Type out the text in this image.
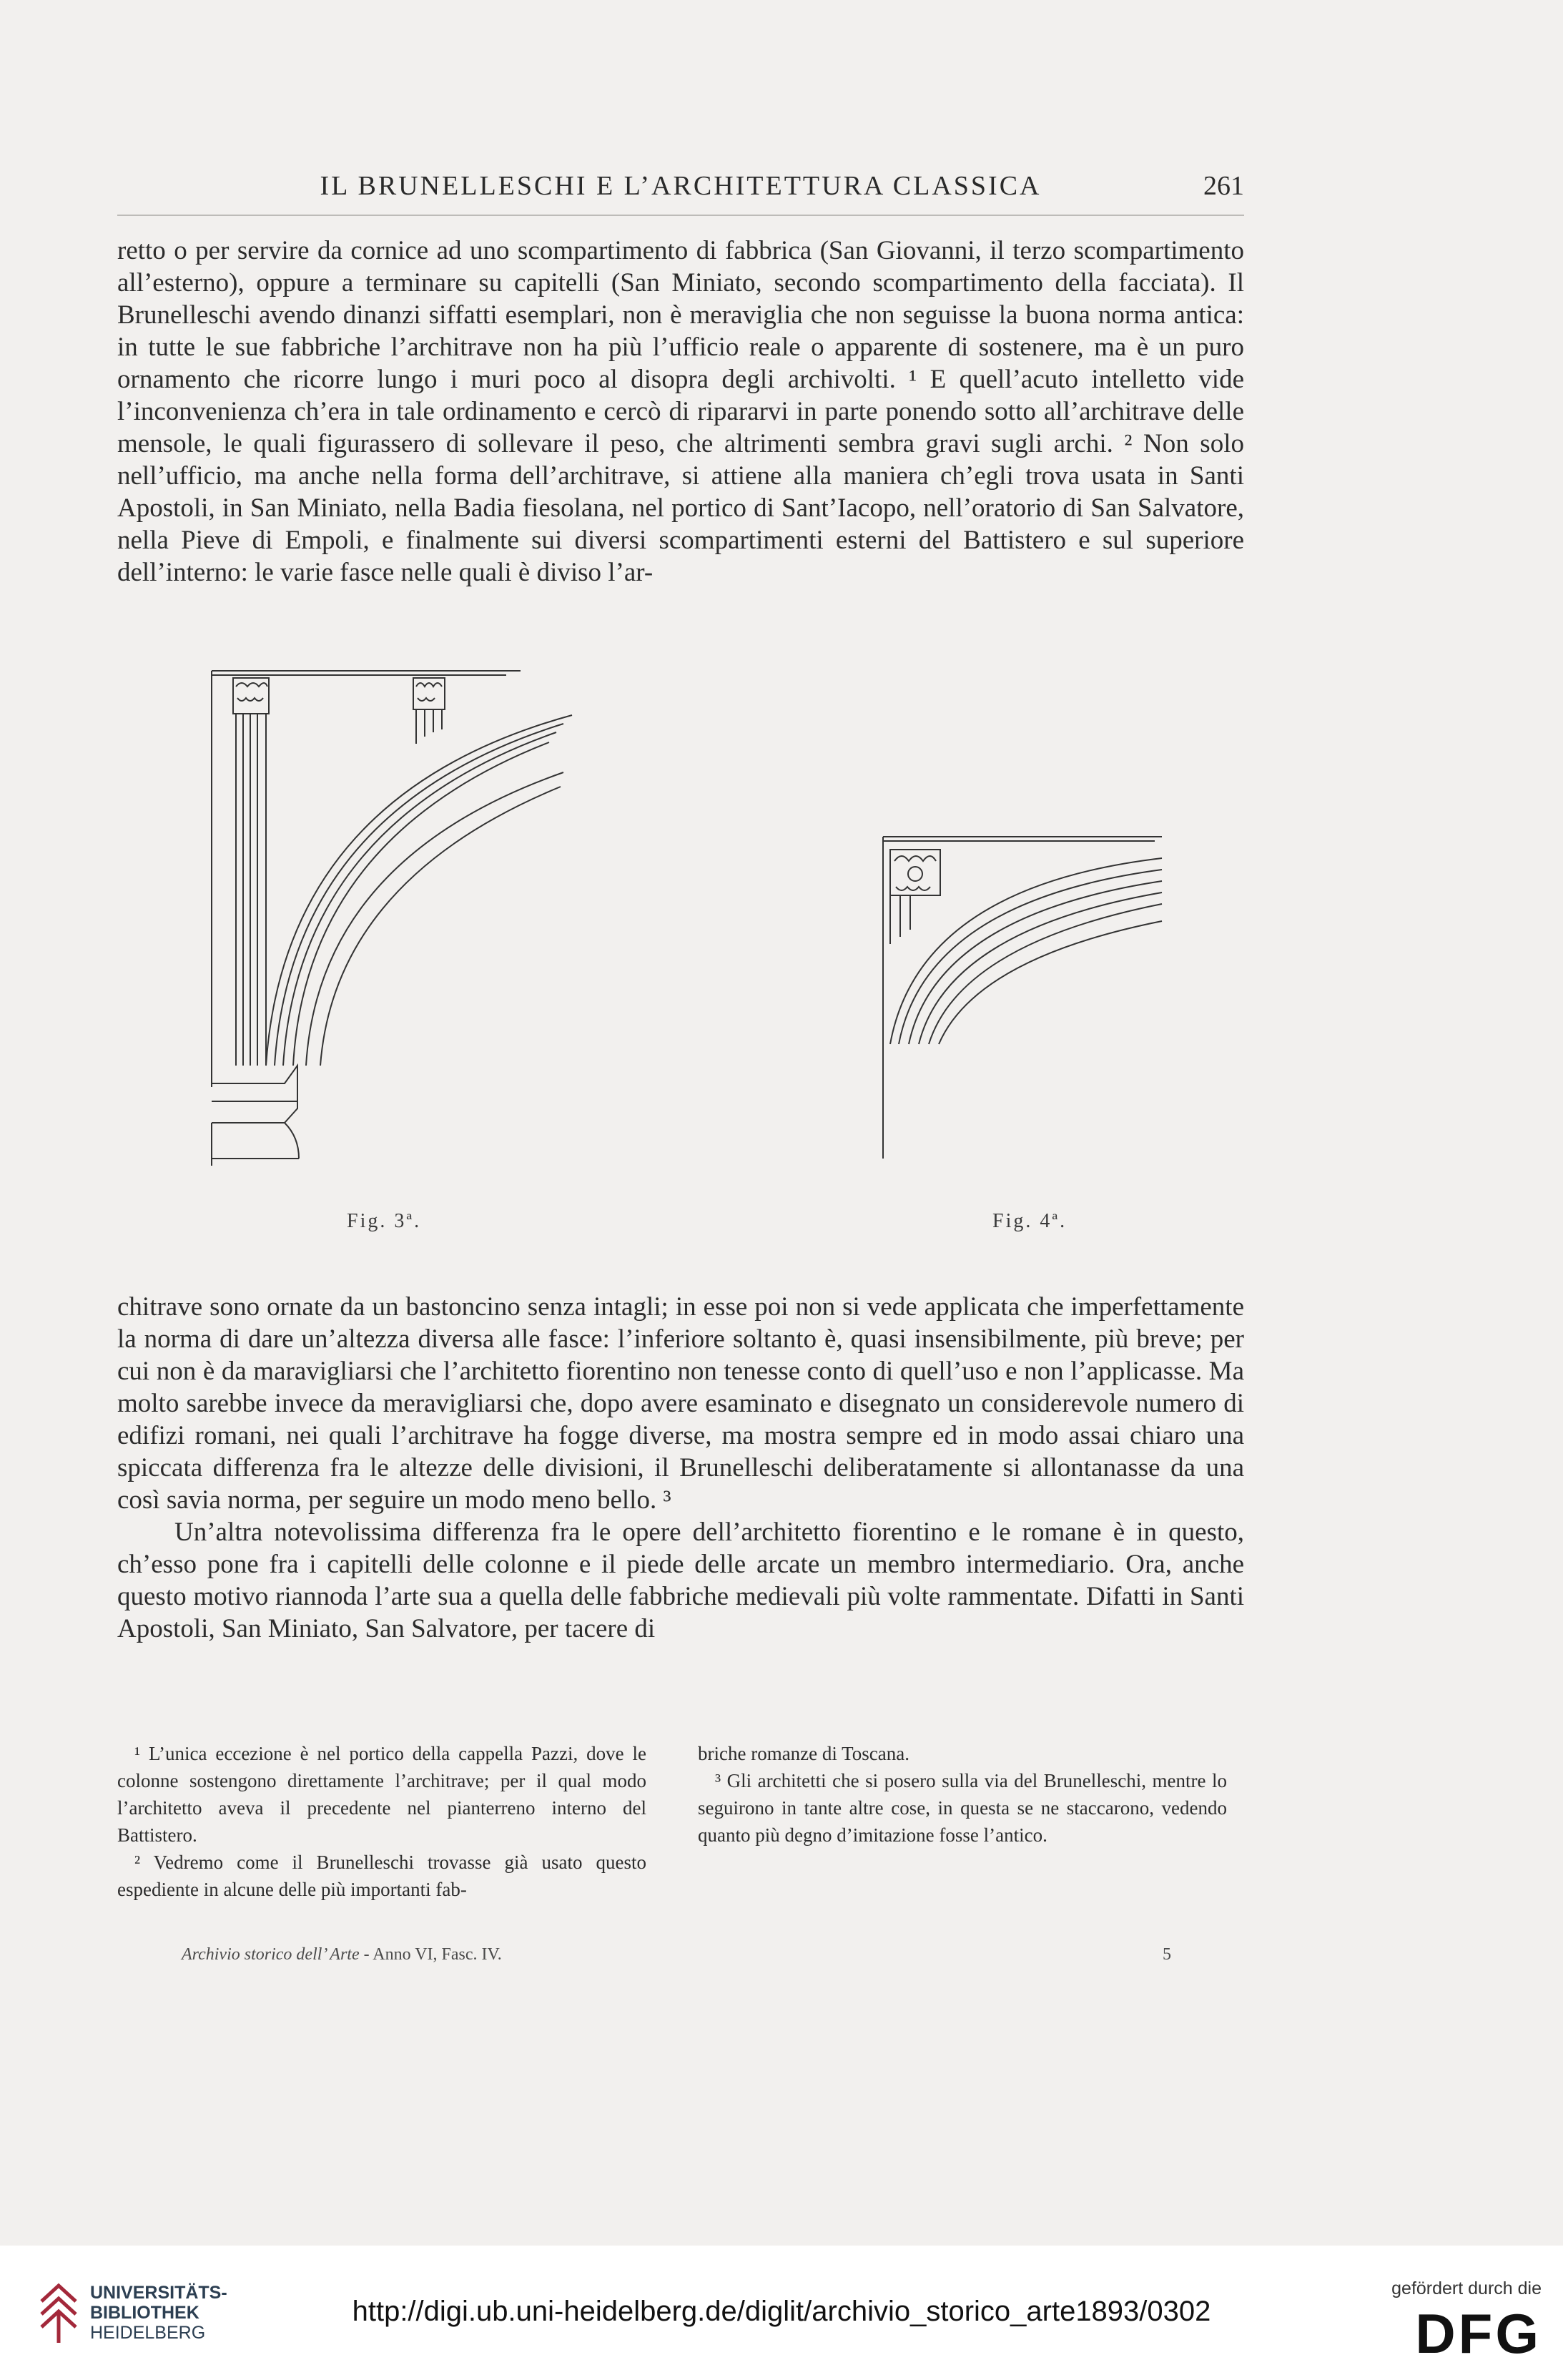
IL BRUNELLESCHI E L’ARCHITETTURA CLASSICA	261

retto o per servire da cornice ad uno scompartimento di fabbrica (San Giovanni, il terzo scompartimento all’esterno), oppure a terminare su capitelli (San Miniato, secondo scompartimento della facciata). Il Brunelleschi avendo dinanzi siffatti esemplari, non è meraviglia che non seguisse la buona norma antica: in tutte le sue fabbriche l’architrave non ha più l’ufficio reale o apparente di sostenere, ma è un puro ornamento che ricorre lungo i muri poco al disopra degli archivolti. ¹ E quell’acuto intelletto vide l’inconvenienza ch’era in tale ordinamento e cercò di ripararvi in parte ponendo sotto all’architrave delle mensole, le quali figurassero di sollevare il peso, che altrimenti sembra gravi sugli archi. ² Non solo nell’ufficio, ma anche nella forma dell’architrave, si attiene alla maniera ch’egli trova usata in Santi Apostoli, in San Miniato, nella Badia fiesolana, nel portico di Sant’Iacopo, nell’oratorio di San Salvatore, nella Pieve di Empoli, e finalmente sui diversi scompartimenti esterni del Battistero e sul superiore dell’interno: le varie fasce nelle quali è diviso l’ar-

Fig. 3ª.	Fig. 4ª.

chitrave sono ornate da un bastoncino senza intagli; in esse poi non si vede applicata che imperfettamente la norma di dare un’altezza diversa alle fasce: l’inferiore soltanto è, quasi insensibilmente, più breve; per cui non è da maravigliarsi che l’architetto fiorentino non tenesse conto di quell’uso e non l’applicasse. Ma molto sarebbe invece da meravigliarsi che, dopo avere esaminato e disegnato un considerevole numero di edifizi romani, nei quali l’architrave ha fogge diverse, ma mostra sempre ed in modo assai chiaro una spiccata differenza fra le altezze delle divisioni, il Brunelleschi deliberatamente si allontanasse da una così savia norma, per seguire un modo meno bello. ³

Un’altra notevolissima differenza fra le opere dell’architetto fiorentino e le romane è in questo, ch’esso pone fra i capitelli delle colonne e il piede delle arcate un membro intermediario. Ora, anche questo motivo riannoda l’arte sua a quella delle fabbriche medievali più volte rammentate. Difatti in Santi Apostoli, San Miniato, San Salvatore, per tacere di

¹ L’unica eccezione è nel portico della cappella Pazzi, dove le colonne sostengono direttamente l’architrave; per il qual modo l’architetto aveva il precedente nel pianterreno interno del Battistero.

² Vedremo come il Brunelleschi trovasse già usato questo espediente in alcune delle più importanti fab-

briche romanze di Toscana.

³ Gli architetti che si posero sulla via del Brunelleschi, mentre lo seguirono in tante altre cose, in questa se ne staccarono, vedendo quanto più degno d’imitazione fosse l’antico.

Archivio storico dell’ Arte - Anno VI, Fasc. IV.	5
UNIVERSITÄTS-
BIBLIOTHEK
HEIDELBERG
http://digi.ub.uni-heidelberg.de/diglit/archivio_storico_arte1893/0302
gefördert durch die
DFG
